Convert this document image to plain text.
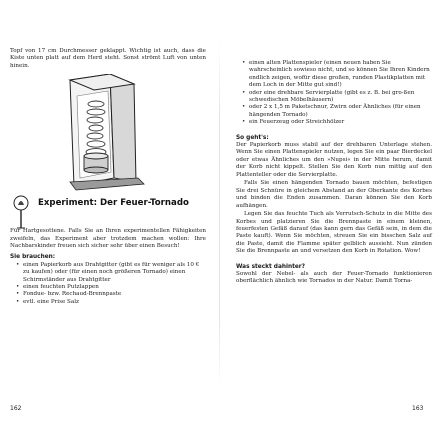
Topf von 17 cm Durchmesser geklappt. Wichtig ist auch, dass die Kiste unten platt auf dem Herd steht. Sonst strömt Luft von unten hinein.

Experiment: Der Feuer-Tornado

Für Hartgesottene. Falls Sie an Ihren experimentellen Fähigkeiten zweifeln, das Experiment aber trotzdem machen wollen: Ihre Nachbarskinder freuen sich sicher sehr über einen Besuch!

Sie brauchen:
• einen Papierkorb aus Drahtgitter (gibt es für weniger als 10 € zu kaufen) oder (für einen noch größeren Tornado) einen Schirmständer aus Drahtgitter
• einen feuchten Putzlappen
• Fondue- bzw. Rechaud-Brennpaste
• evtl. eine Prise Salz
162
• einen alten Plattenspieler (einen neuen haben Sie wahrscheinlich sowieso nicht, und so können Sie Ihren Kindern endlich zeigen, wofür diese großen, runden Plastikplatten mit dem Loch in der Mitte gut sind!)
• oder eine drehbare Servierplatte (gibt es z. B. bei gro-ßen schwedischen Möbelhäusern)
• oder 2 x 1,5 m Paketschnur, Zwirn oder Ähnliches (für einen hängenden Tornado)
• ein Feuerzeug oder Streichhölzer
So geht's:

Der Papierkorb muss stabil auf der drehbaren Unterlage stehen. Wenn Sie einen Plattenspieler nutzen, legen Sie ein paar Bierdeckel oder etwas Ähnliches um den »Nupsi« in der Mitte herum, damit der Korb nicht kippelt. Stellen Sie den Korb nun mittig auf den Plattenteller oder die Servierplatte.

Falls Sie einen hängenden Tornado bauen möchten, befestigen Sie drei Schnüre in gleichem Abstand an der Oberkante des Korbes und binden die Enden zusammen. Daran können Sie den Korb aufhängen.

Legen Sie das feuchte Tuch als Verrutsch-Schutz in die Mitte des Korbes und platzieren Sie die Brennpaste in einem kleinen, feuerfesten Gefäß darauf (das kann gern das Gefäß sein, in dem die Paste kauft). Wenn Sie möchten, streuen Sie ein bisschen Salz auf die Paste, damit die Flamme später gelblich aussieht. Nun zünden Sie die Brennpaste an und versetzen den Korb in Rotation. Wow!

Was steckt dahinter?

Sowohl der Nebel- als auch der Feuer-Tornado funktionieren oberflächlich ähnlich wie Tornados in der Natur. Damit Torna-

163
